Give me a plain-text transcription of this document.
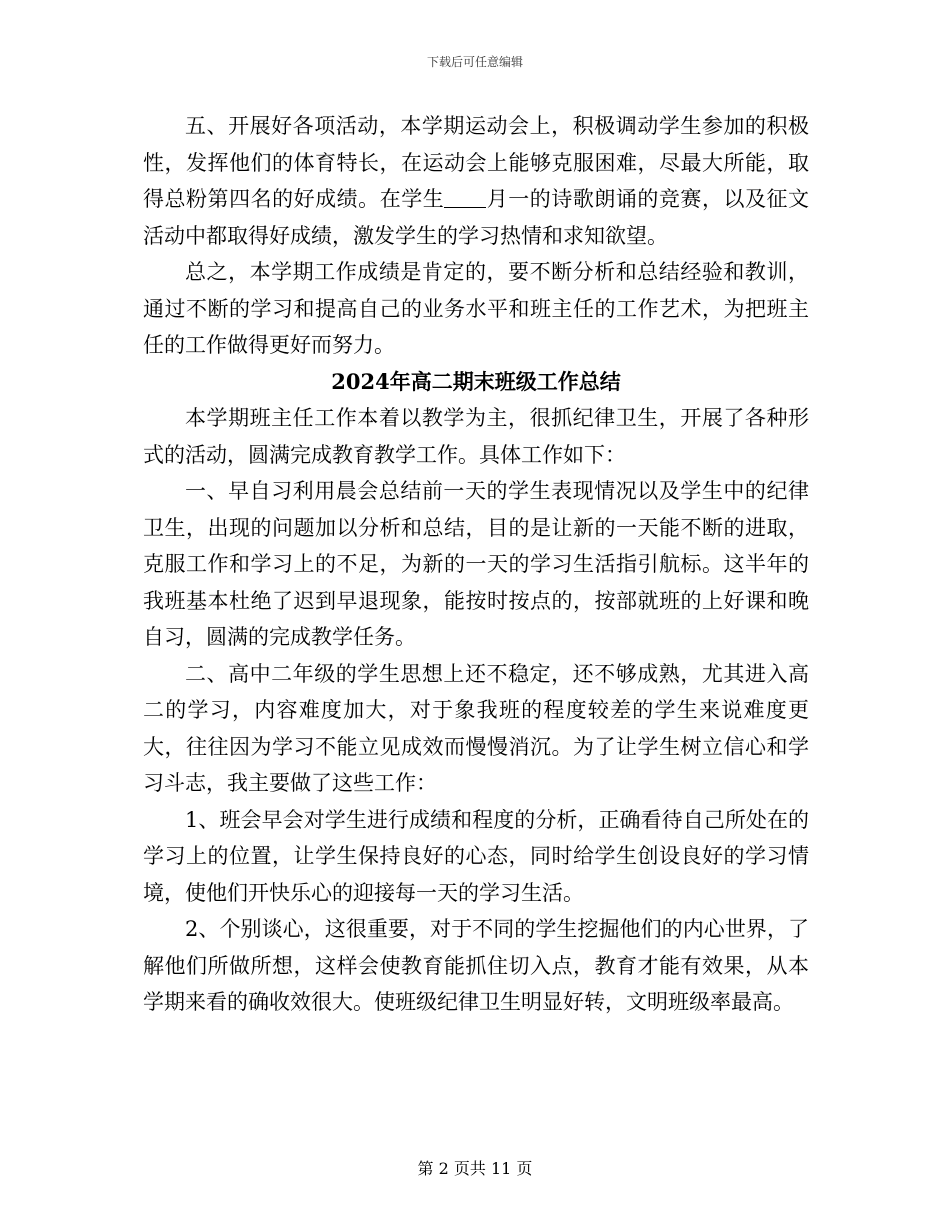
下载后可任意编辑

五、开展好各项活动，本学期运动会上，积极调动学生参加的积极性，发挥他们的体育特长，在运动会上能够克服困难，尽最大所能，取得总粉第四名的好成绩。在学生 月一的诗歌朗诵的竞赛，以及征文活动中都取得好成绩，激发学生的学习热情和求知欲望。

总之，本学期工作成绩是肯定的，要不断分析和总结经验和教训，通过不断的学习和提高自己的业务水平和班主任的工作艺术，为把班主任的工作做得更好而努力。

2024年高二期末班级工作总结

本学期班主任工作本着以教学为主，很抓纪律卫生，开展了各种形式的活动，圆满完成教育教学工作。具体工作如下：

一、早自习利用晨会总结前一天的学生表现情况以及学生中的纪律卫生，出现的问题加以分析和总结，目的是让新的一天能不断的进取，克服工作和学习上的不足，为新的一天的学习生活指引航标。这半年的我班基本杜绝了迟到早退现象，能按时按点的，按部就班的上好课和晚自习，圆满的完成教学任务。

二、高中二年级的学生思想上还不稳定，还不够成熟，尤其进入高二的学习，内容难度加大，对于象我班的程度较差的学生来说难度更大，往往因为学习不能立见成效而慢慢消沉。为了让学生树立信心和学习斗志，我主要做了这些工作：

1、班会早会对学生进行成绩和程度的分析，正确看待自己所处在的学习上的位置，让学生保持良好的心态，同时给学生创设良好的学习情境，使他们开快乐心的迎接每一天的学习生活。

2、个别谈心，这很重要，对于不同的学生挖掘他们的内心世界，了解他们所做所想，这样会使教育能抓住切入点，教育才能有效果，从本学期来看的确收效很大。使班级纪律卫生明显好转，文明班级率最高。

第 2 页共 11 页
